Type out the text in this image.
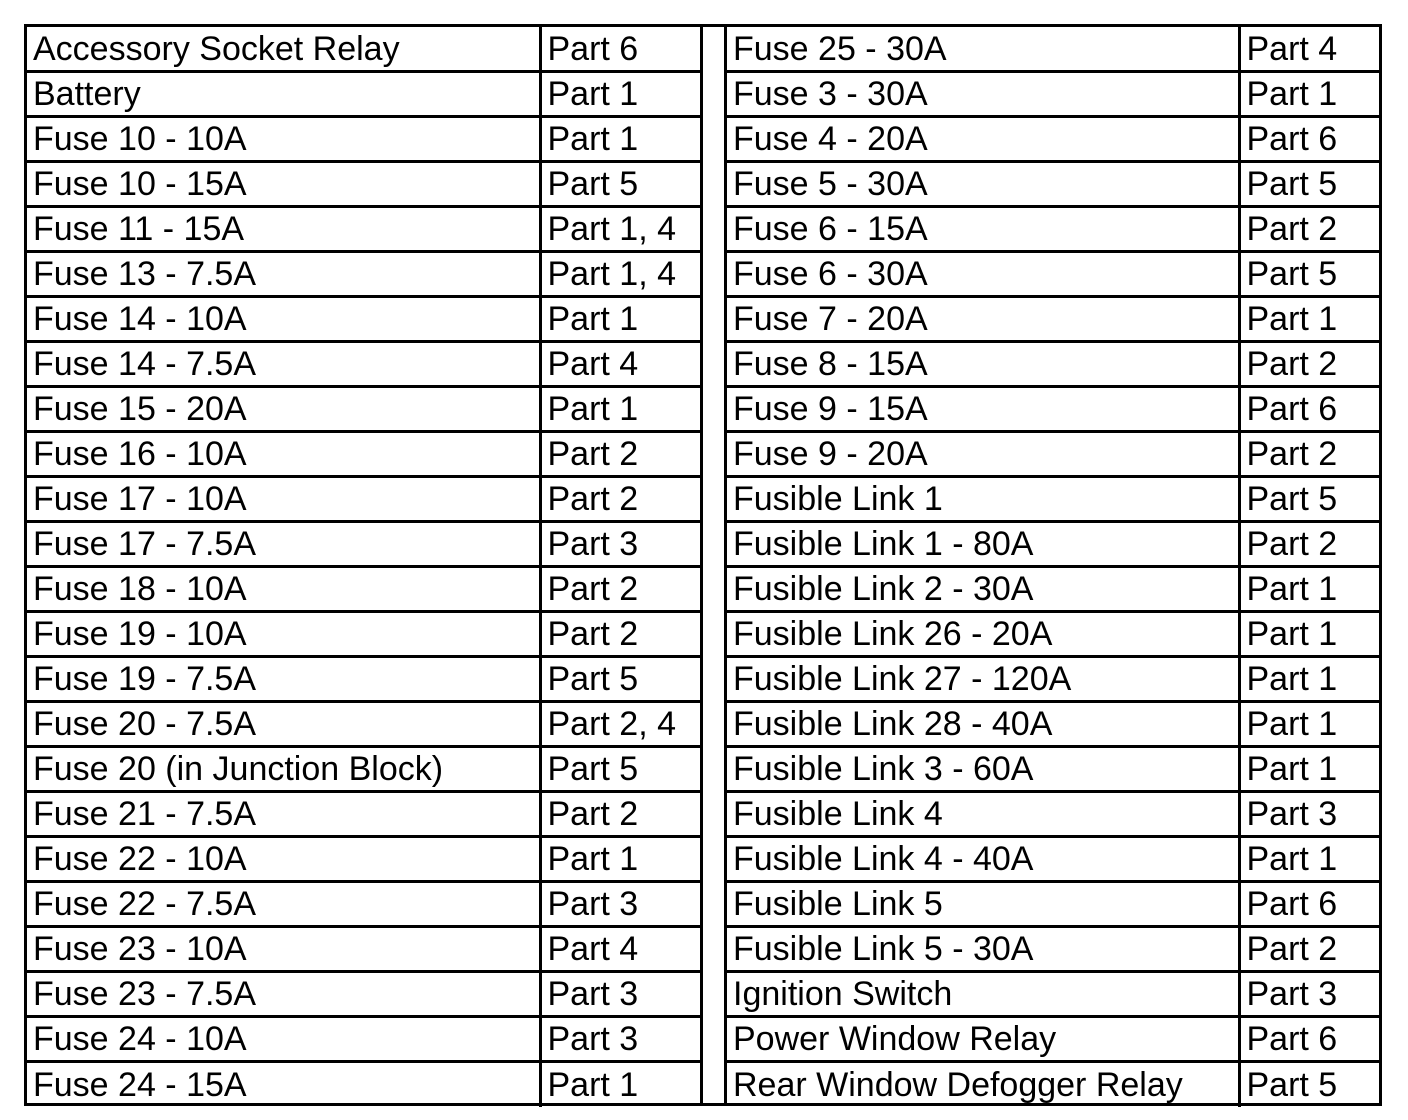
Accessory Socket Relay	Part 6
Battery	Part 1
Fuse 10 - 10A	Part 1
Fuse 10 - 15A	Part 5
Fuse 11 - 15A	Part 1, 4
Fuse 13 - 7.5A	Part 1, 4
Fuse 14 - 10A	Part 1
Fuse 14 - 7.5A	Part 4
Fuse 15 - 20A	Part 1
Fuse 16 - 10A	Part 2
Fuse 17 - 10A	Part 2
Fuse 17 - 7.5A	Part 3
Fuse 18 - 10A	Part 2
Fuse 19 - 10A	Part 2
Fuse 19 - 7.5A	Part 5
Fuse 20 - 7.5A	Part 2, 4
Fuse 20 (in Junction Block)	Part 5
Fuse 21 - 7.5A	Part 2
Fuse 22 - 10A	Part 1
Fuse 22 - 7.5A	Part 3
Fuse 23 - 10A	Part 4
Fuse 23 - 7.5A	Part 3
Fuse 24 - 10A	Part 3
Fuse 24 - 15A	Part 1
Fuse 25 - 30A	Part 4
Fuse 3 - 30A	Part 1
Fuse 4 - 20A	Part 6
Fuse 5 - 30A	Part 5
Fuse 6 - 15A	Part 2
Fuse 6 - 30A	Part 5
Fuse 7 - 20A	Part 1
Fuse 8 - 15A	Part 2
Fuse 9 - 15A	Part 6
Fuse 9 - 20A	Part 2
Fusible Link 1	Part 5
Fusible Link 1 - 80A	Part 2
Fusible Link 2 - 30A	Part 1
Fusible Link 26 - 20A	Part 1
Fusible Link 27 - 120A	Part 1
Fusible Link 28 - 40A	Part 1
Fusible Link 3 - 60A	Part 1
Fusible Link 4	Part 3
Fusible Link 4 - 40A	Part 1
Fusible Link 5	Part 6
Fusible Link 5 - 30A	Part 2
Ignition Switch	Part 3
Power Window Relay	Part 6
Rear Window Defogger Relay	Part 5
